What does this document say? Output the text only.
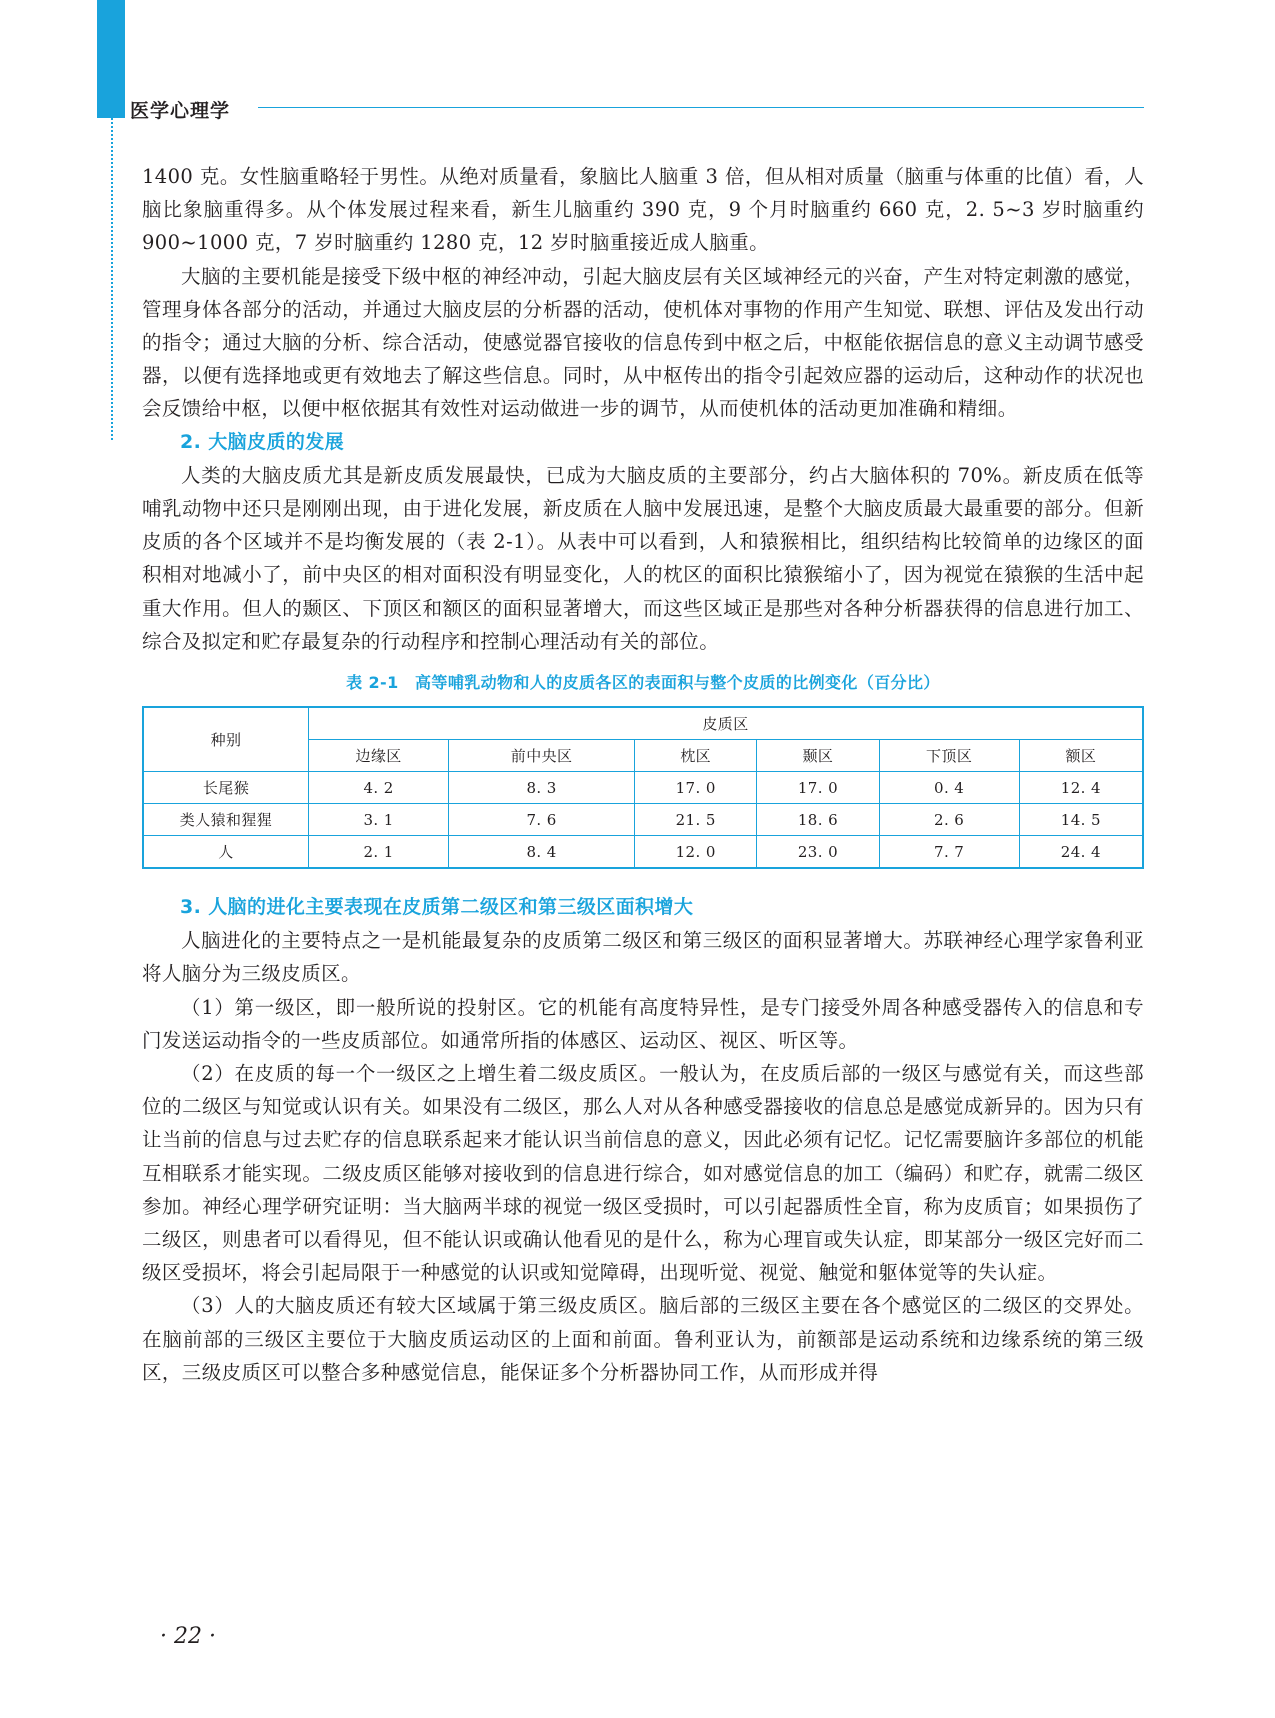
医学心理学

1400 克。女性脑重略轻于男性。从绝对质量看，象脑比人脑重 3 倍，但从相对质量（脑重与体重的比值）看，人脑比象脑重得多。从个体发展过程来看，新生儿脑重约 390 克，9 个月时脑重约 660 克，2. 5~3 岁时脑重约 900~1000 克，7 岁时脑重约 1280 克，12 岁时脑重接近成人脑重。

大脑的主要机能是接受下级中枢的神经冲动，引起大脑皮层有关区域神经元的兴奋，产生对特定刺激的感觉，管理身体各部分的活动，并通过大脑皮层的分析器的活动，使机体对事物的作用产生知觉、联想、评估及发出行动的指令；通过大脑的分析、综合活动，使感觉器官接收的信息传到中枢之后，中枢能依据信息的意义主动调节感受器，以便有选择地或更有效地去了解这些信息。同时，从中枢传出的指令引起效应器的运动后，这种动作的状况也会反馈给中枢，以便中枢依据其有效性对运动做进一步的调节，从而使机体的活动更加准确和精细。

2. 大脑皮质的发展

人类的大脑皮质尤其是新皮质发展最快，已成为大脑皮质的主要部分，约占大脑体积的 70%。新皮质在低等哺乳动物中还只是刚刚出现，由于进化发展，新皮质在人脑中发展迅速，是整个大脑皮质最大最重要的部分。但新皮质的各个区域并不是均衡发展的（表 2-1）。从表中可以看到，人和猿猴相比，组织结构比较简单的边缘区的面积相对地减小了，前中央区的相对面积没有明显变化，人的枕区的面积比猿猴缩小了，因为视觉在猿猴的生活中起重大作用。但人的颞区、下顶区和额区的面积显著增大，而这些区域正是那些对各种分析器获得的信息进行加工、综合及拟定和贮存最复杂的行动程序和控制心理活动有关的部位。

表 2-1　高等哺乳动物和人的皮质各区的表面积与整个皮质的比例变化（百分比）
种别	皮质区					
	边缘区	前中央区	枕区	颞区	下顶区	额区
长尾猴	4. 2	8. 3	17. 0	17. 0	0. 4	12. 4
类人猿和猩猩	3. 1	7. 6	21. 5	18. 6	2. 6	14. 5
人	2. 1	8. 4	12. 0	23. 0	7. 7	24. 4

3. 人脑的进化主要表现在皮质第二级区和第三级区面积增大

人脑进化的主要特点之一是机能最复杂的皮质第二级区和第三级区的面积显著增大。苏联神经心理学家鲁利亚将人脑分为三级皮质区。

（1）第一级区，即一般所说的投射区。它的机能有高度特异性，是专门接受外周各种感受器传入的信息和专门发送运动指令的一些皮质部位。如通常所指的体感区、运动区、视区、听区等。

（2）在皮质的每一个一级区之上增生着二级皮质区。一般认为，在皮质后部的一级区与感觉有关，而这些部位的二级区与知觉或认识有关。如果没有二级区，那么人对从各种感受器接收的信息总是感觉成新异的。因为只有让当前的信息与过去贮存的信息联系起来才能认识当前信息的意义，因此必须有记忆。记忆需要脑许多部位的机能互相联系才能实现。二级皮质区能够对接收到的信息进行综合，如对感觉信息的加工（编码）和贮存，就需二级区参加。神经心理学研究证明：当大脑两半球的视觉一级区受损时，可以引起器质性全盲，称为皮质盲；如果损伤了二级区，则患者可以看得见，但不能认识或确认他看见的是什么，称为心理盲或失认症，即某部分一级区完好而二级区受损坏，将会引起局限于一种感觉的认识或知觉障碍，出现听觉、视觉、触觉和躯体觉等的失认症。

（3）人的大脑皮质还有较大区域属于第三级皮质区。脑后部的三级区主要在各个感觉区的二级区的交界处。在脑前部的三级区主要位于大脑皮质运动区的上面和前面。鲁利亚认为，前额部是运动系统和边缘系统的第三级区，三级皮质区可以整合多种感觉信息，能保证多个分析器协同工作，从而形成并得

· 22 ·
